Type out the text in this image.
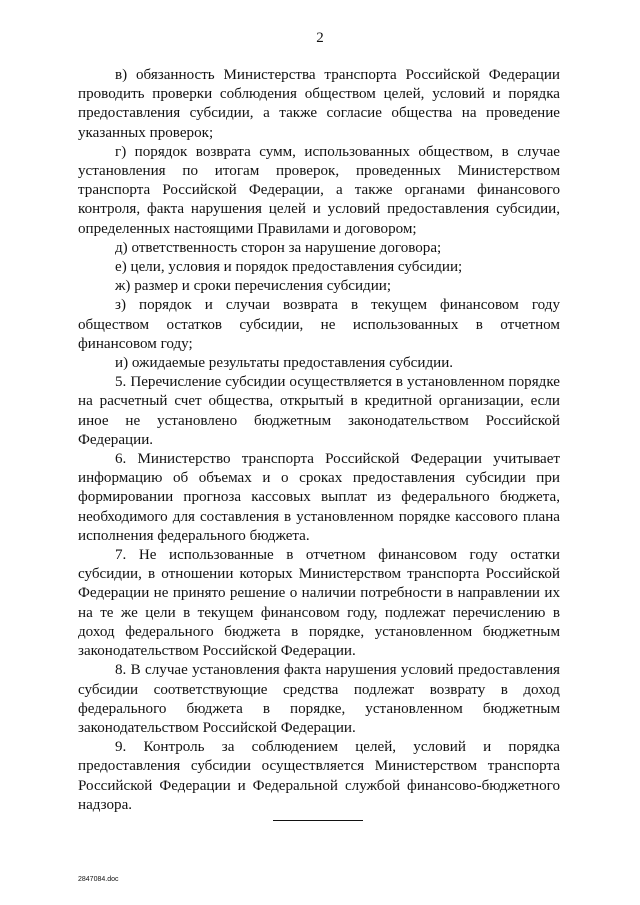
2

в) обязанность Министерства транспорта Российской Федерации проводить проверки соблюдения обществом целей, условий и порядка предоставления субсидии, а также согласие общества на проведение указанных проверок;

г) порядок возврата сумм, использованных обществом, в случае установления по итогам проверок, проведенных Министерством транспорта Российской Федерации, а также органами финансового контроля, факта нарушения целей и условий предоставления субсидии, определенных настоящими Правилами и договором;

д) ответственность сторон за нарушение договора;

е) цели, условия и порядок предоставления субсидии;

ж) размер и сроки перечисления субсидии;

з) порядок и случаи возврата в текущем финансовом году обществом остатков субсидии, не использованных в отчетном финансовом году;

и) ожидаемые результаты предоставления субсидии.

5. Перечисление субсидии осуществляется в установленном порядке на расчетный счет общества, открытый в кредитной организации, если иное не установлено бюджетным законодательством Российской Федерации.

6. Министерство транспорта Российской Федерации учитывает информацию об объемах и о сроках предоставления субсидии при формировании прогноза кассовых выплат из федерального бюджета, необходимого для составления в установленном порядке кассового плана исполнения федерального бюджета.

7. Не использованные в отчетном финансовом году остатки субсидии, в отношении которых Министерством транспорта Российской Федерации не принято решение о наличии потребности в направлении их на те же цели в текущем финансовом году, подлежат перечислению в доход федерального бюджета в порядке, установленном бюджетным законодательством Российской Федерации.

8. В случае установления факта нарушения условий предоставления субсидии соответствующие средства подлежат возврату в доход федерального бюджета в порядке, установленном бюджетным законодательством Российской Федерации.

9. Контроль за соблюдением целей, условий и порядка предоставления субсидии осуществляется Министерством транспорта Российской Федерации и Федеральной службой финансово-бюджетного надзора.

2847084.doc
